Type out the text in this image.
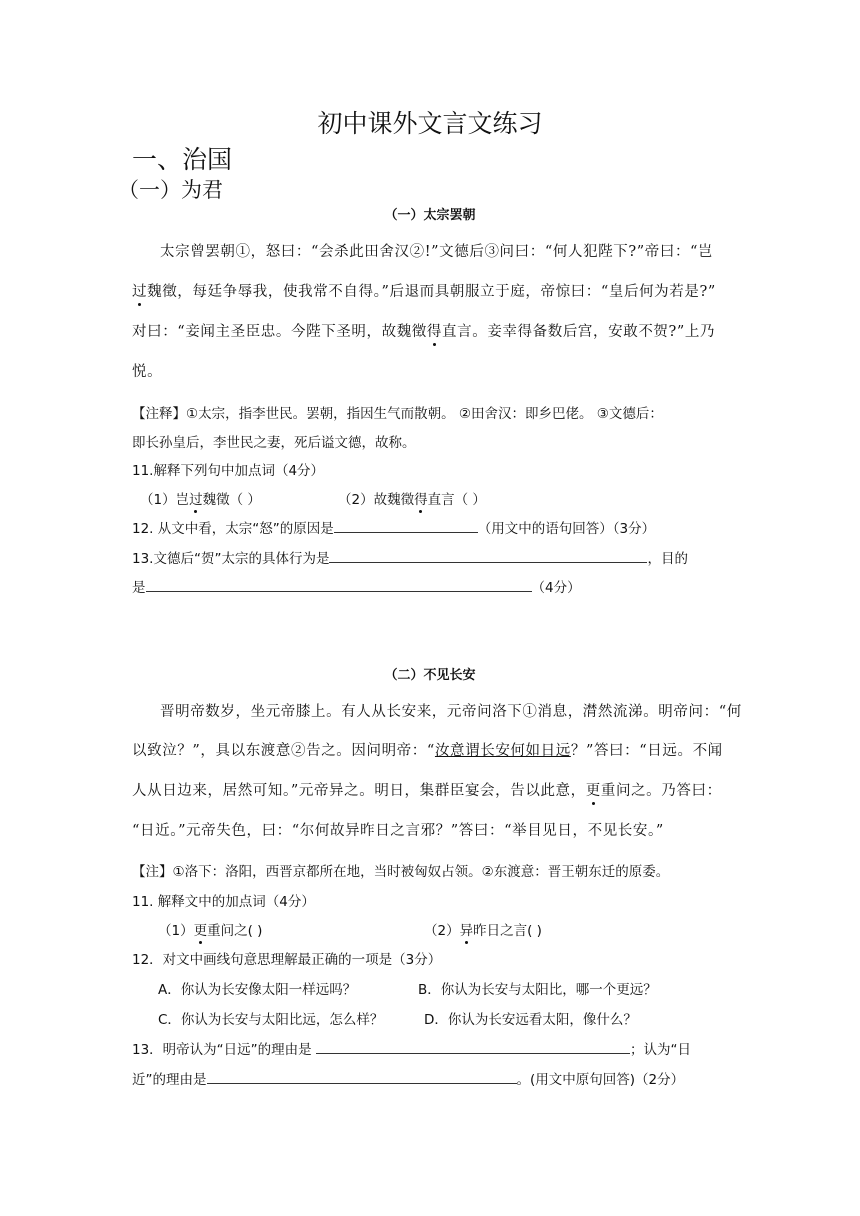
初中课外文言文练习
一、治国
（一）为君
（一）太宗罢朝
太宗曾罢朝①，怒曰：“会杀此田舍汉②!”文德后③问曰：“何人犯陛下?”帝曰：“岂
过魏徵，每廷争辱我，使我常不自得。”后退而具朝服立于庭，帝惊曰：“皇后何为若是?”
对曰：“妾闻主圣臣忠。今陛下圣明，故魏徵得直言。妾幸得备数后宫，安敢不贺?”上乃
悦。
【注释】①太宗，指李世民。罢朝，指因生气而散朝。 ②田舍汉：即乡巴佬。 ③文德后：
即长孙皇后，李世民之妻，死后谥文德，故称。
11.解释下列句中加点词（4分）
（1）岂过魏徵（ ）	（2）故魏徵得直言（ ）
12. 从文中看，太宗“怒”的原因是	（用文中的语句回答）（3分）
13.文德后“贺”太宗的具体行为是	，目的
是	（4分）
（二）不见长安
晋明帝数岁，坐元帝膝上。有人从长安来，元帝问洛下①消息，潸然流涕。明帝问：“何
以致泣？”，具以东渡意②告之。因问明帝：“汝意谓长安何如日远？”答曰：“日远。不闻
人从日边来，居然可知。”元帝异之。明日，集群臣宴会，告以此意，更重问之。乃答曰：
“日近。”元帝失色，曰：“尔何故异昨日之言邪？”答曰：“举目见日，不见长安。”
【注】①洛下：洛阳，西晋京都所在地，当时被匈奴占领。②东渡意：晋王朝东迁的原委。
11. 解释文中的加点词（4分）
（1）更重问之( )	（2）异昨日之言( )
12．对文中画线句意思理解最正确的一项是（3分）
A．你认为长安像太阳一样远吗？	B．你认为长安与太阳比，哪一个更远？
C．你认为长安与太阳比远，怎么样？	D．你认为长安远看太阳，像什么？
13．明帝认为“日远”的理由是	；认为“日
近”的理由是	。(用文中原句回答)（2分）
